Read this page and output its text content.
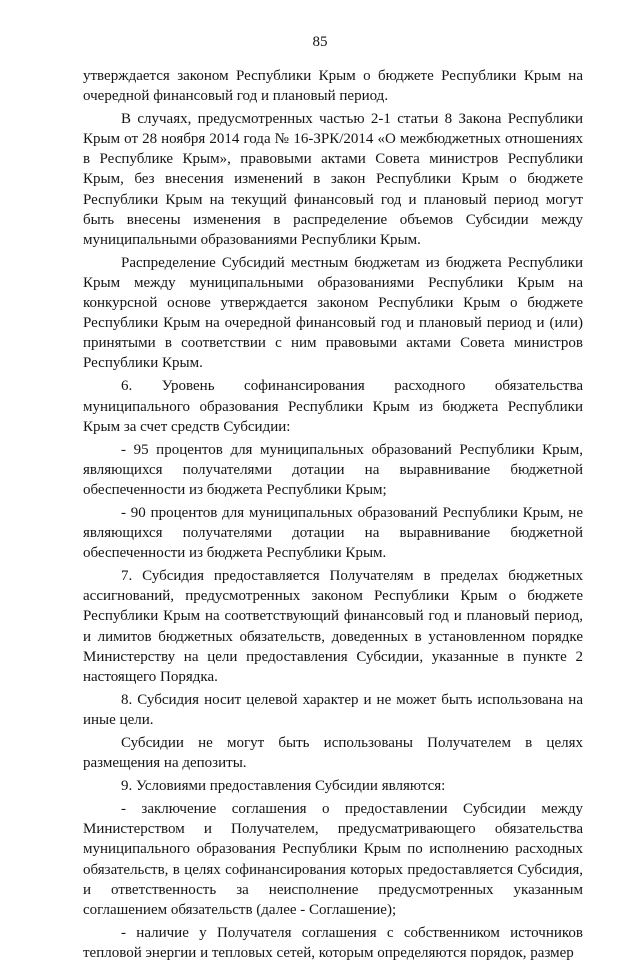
85

утверждается законом Республики Крым о бюджете Республики Крым на очередной финансовый год и плановый период.

В случаях, предусмотренных частью 2-1 статьи 8 Закона Республики Крым от 28 ноября 2014 года № 16-ЗРК/2014 «О межбюджетных отношениях в Республике Крым», правовыми актами Совета министров Республики Крым, без внесения изменений в закон Республики Крым о бюджете Республики Крым на текущий финансовый год и плановый период могут быть внесены изменения в распределение объемов Субсидии между муниципальными образованиями Республики Крым.

Распределение Субсидий местным бюджетам из бюджета Республики Крым между муниципальными образованиями Республики Крым на конкурсной основе утверждается законом Республики Крым о бюджете Республики Крым на очередной финансовый год и плановый период и (или) принятыми в соответствии с ним правовыми актами Совета министров Республики Крым.

6. Уровень софинансирования расходного обязательства муниципального образования Республики Крым из бюджета Республики Крым за счет средств Субсидии:

- 95 процентов для муниципальных образований Республики Крым, являющихся получателями дотации на выравнивание бюджетной обеспеченности из бюджета Республики Крым;

- 90 процентов для муниципальных образований Республики Крым, не являющихся получателями дотации на выравнивание бюджетной обеспеченности из бюджета Республики Крым.

7. Субсидия предоставляется Получателям в пределах бюджетных ассигнований, предусмотренных законом Республики Крым о бюджете Республики Крым на соответствующий финансовый год и плановый период, и лимитов бюджетных обязательств, доведенных в установленном порядке Министерству на цели предоставления Субсидии, указанные в пункте 2 настоящего Порядка.

8. Субсидия носит целевой характер и не может быть использована на иные цели.

Субсидии не могут быть использованы Получателем в целях размещения на депозиты.

9. Условиями предоставления Субсидии являются:

- заключение соглашения о предоставлении Субсидии между Министерством и Получателем, предусматривающего обязательства муниципального образования Республики Крым по исполнению расходных обязательств, в целях софинансирования которых предоставляется Субсидия, и ответственность за неисполнение предусмотренных указанным соглашением обязательств (далее - Соглашение);

- наличие у Получателя соглашения с собственником источников тепловой энергии и тепловых сетей, которым определяются порядок, размер
